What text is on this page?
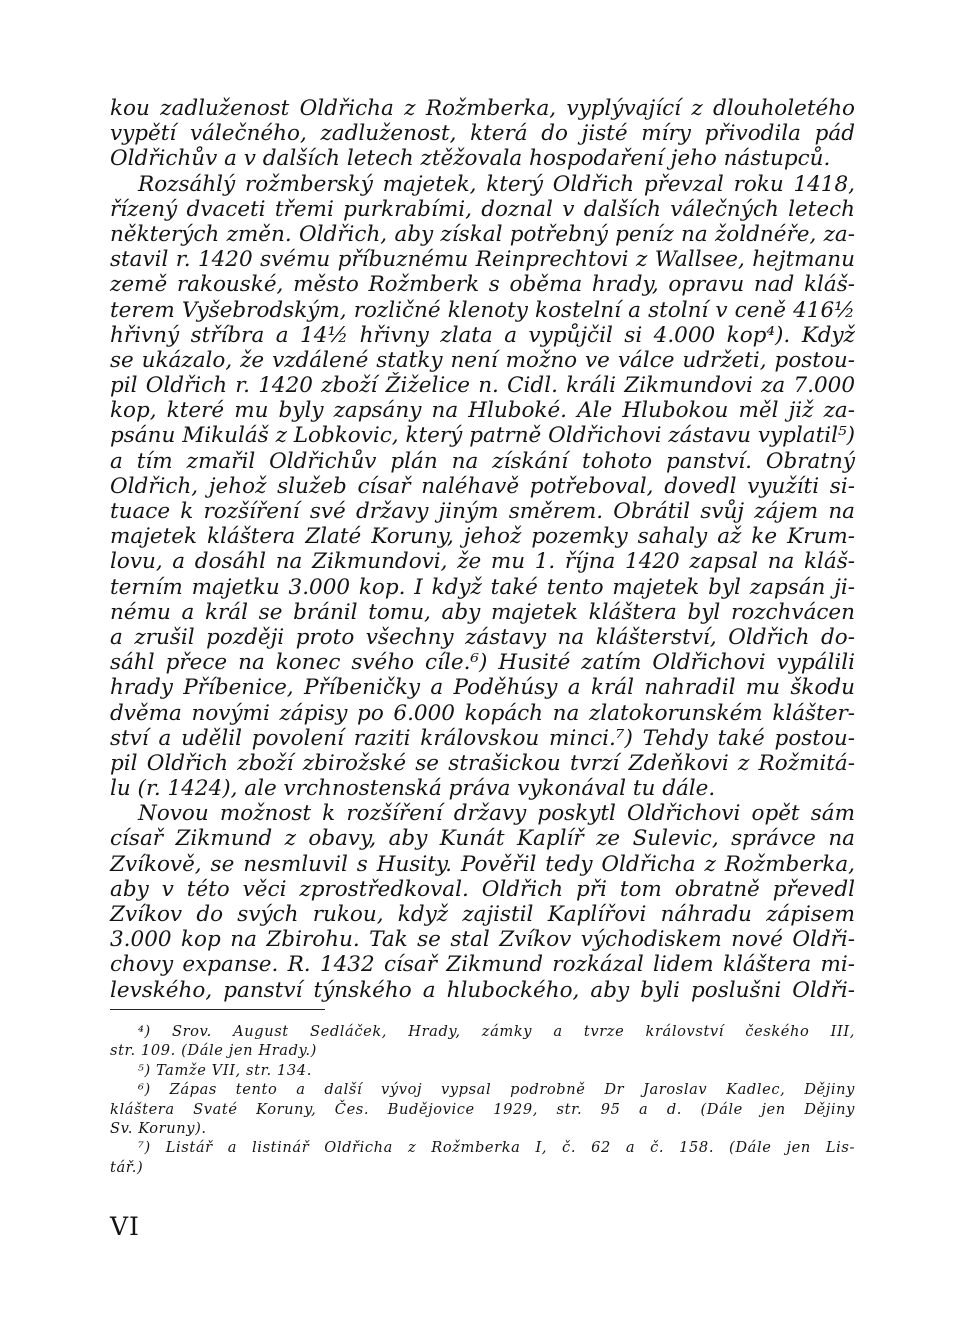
kou zadluženost Oldřicha z Rožmberka, vyplývající z dlouholetého
vypětí válečného, zadluženost, která do jisté míry přivodila pád
Oldřichův a v dalších letech ztěžovala hospodaření jeho nástupců.
Rozsáhlý rožmberský majetek, který Oldřich převzal roku 1418,
řízený dvaceti třemi purkrabími, doznal v dalších válečných letech
některých změn. Oldřich, aby získal potřebný peníz na žoldnéře, za-
stavil r. 1420 svému příbuznému Reinprechtovi z Wallsee, hejtmanu
země rakouské, město Rožmberk s oběma hrady, opravu nad kláš-
terem Vyšebrodským, rozličné klenoty kostelní a stolní v ceně 416½
hřivný stříbra a 14½ hřivny zlata a vypůjčil si 4.000 kop⁴). Když
se ukázalo, že vzdálené statky není možno ve válce udržeti, postou-
pil Oldřich r. 1420 zboží Žiželice n. Cidl. králi Zikmundovi za 7.000
kop, které mu byly zapsány na Hluboké. Ale Hlubokou měl již za-
psánu Mikuláš z Lobkovic, který patrně Oldřichovi zástavu vyplatil⁵)
a tím zmařil Oldřichův plán na získání tohoto panství. Obratný
Oldřich, jehož služeb císař naléhavě potřeboval, dovedl využíti si-
tuace k rozšíření své državy jiným směrem. Obrátil svůj zájem na
majetek kláštera Zlaté Koruny, jehož pozemky sahaly až ke Krum-
lovu, a dosáhl na Zikmundovi, že mu 1. října 1420 zapsal na kláš-
terním majetku 3.000 kop. I když také tento majetek byl zapsán ji-
nému a král se bránil tomu, aby majetek kláštera byl rozchvácen
a zrušil později proto všechny zástavy na klášterství, Oldřich do-
sáhl přece na konec svého cíle.⁶) Husité zatím Oldřichovi vypálili
hrady Příbenice, Příbeničky a Poděhúsy a král nahradil mu škodu
dvěma novými zápisy po 6.000 kopách na zlatokorunském klášter-
ství a udělil povolení raziti královskou minci.⁷) Tehdy také postou-
pil Oldřich zboží zbirožské se strašickou tvrzí Zdeňkovi z Rožmitá-
lu (r. 1424), ale vrchnostenská práva vykonával tu dále.
Novou možnost k rozšíření državy poskytl Oldřichovi opět sám
císař Zikmund z obavy, aby Kunát Kaplíř ze Sulevic, správce na
Zvíkově, se nesmluvil s Husity. Pověřil tedy Oldřicha z Rožmberka,
aby v této věci zprostředkoval. Oldřich při tom obratně převedl
Zvíkov do svých rukou, když zajistil Kaplířovi náhradu zápisem
3.000 kop na Zbirohu. Tak se stal Zvíkov východiskem nové Oldři-
chovy expanse. R. 1432 císař Zikmund rozkázal lidem kláštera mi-
levského, panství týnského a hlubockého, aby byli poslušni Oldři-
⁴) Srov. August Sedláček, Hrady, zámky a tvrze království českého III,
str. 109. (Dále jen Hrady.)
⁵) Tamže VII, str. 134.
⁶) Zápas tento a další vývoj vypsal podrobně Dr Jaroslav Kadlec, Dějiny
kláštera Svaté Koruny, Čes. Budějovice 1929, str. 95 a d. (Dále jen Dějiny
Sv. Koruny).
⁷) Listář a listinář Oldřicha z Rožmberka I, č. 62 a č. 158. (Dále jen Lis-
tář.)
VI
